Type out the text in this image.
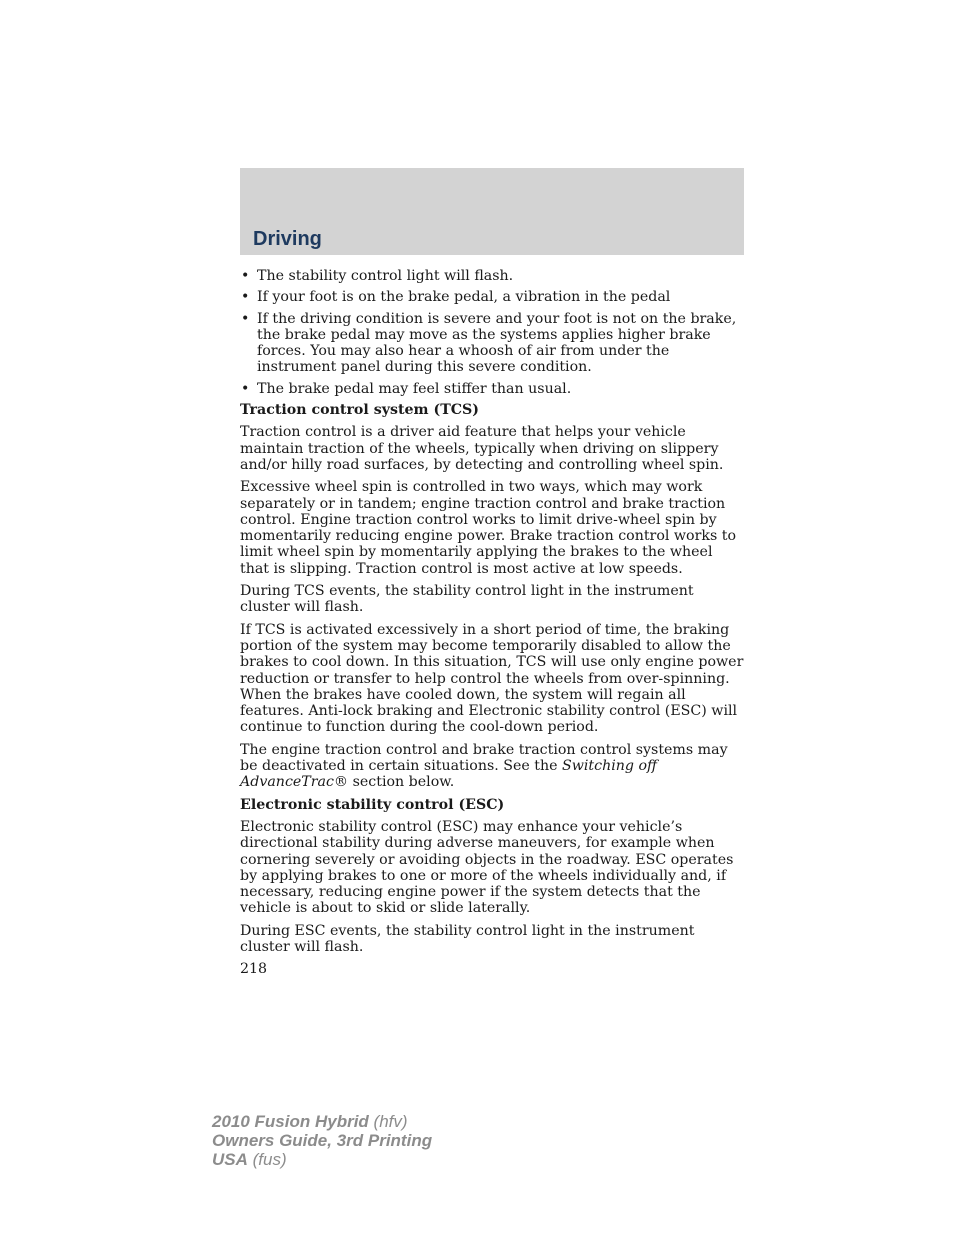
Driving
• The stability control light will flash.
• If your foot is on the brake pedal, a vibration in the pedal
• If the driving condition is severe and your foot is not on the brake, the brake pedal may move as the systems applies higher brake forces. You may also hear a whoosh of air from under the instrument panel during this severe condition.
• The brake pedal may feel stiffer than usual.
Traction control system (TCS)

Traction control is a driver aid feature that helps your vehicle maintain traction of the wheels, typically when driving on slippery and/or hilly road surfaces, by detecting and controlling wheel spin.

Excessive wheel spin is controlled in two ways, which may work separately or in tandem; engine traction control and brake traction control. Engine traction control works to limit drive-wheel spin by momentarily reducing engine power. Brake traction control works to limit wheel spin by momentarily applying the brakes to the wheel that is slipping. Traction control is most active at low speeds.

During TCS events, the stability control light in the instrument cluster will flash.

If TCS is activated excessively in a short period of time, the braking portion of the system may become temporarily disabled to allow the brakes to cool down. In this situation, TCS will use only engine power reduction or transfer to help control the wheels from over-spinning. When the brakes have cooled down, the system will regain all features. Anti-lock braking and Electronic stability control (ESC) will continue to function during the cool-down period.

The engine traction control and brake traction control systems may be deactivated in certain situations. See the Switching off AdvanceTrac® section below.

Electronic stability control (ESC)

Electronic stability control (ESC) may enhance your vehicle’s directional stability during adverse maneuvers, for example when cornering severely or avoiding objects in the roadway. ESC operates by applying brakes to one or more of the wheels individually and, if necessary, reducing engine power if the system detects that the vehicle is about to skid or slide laterally.

During ESC events, the stability control light in the instrument cluster will flash.

218
2010 Fusion Hybrid (hfv)
Owners Guide, 3rd Printing
USA (fus)
